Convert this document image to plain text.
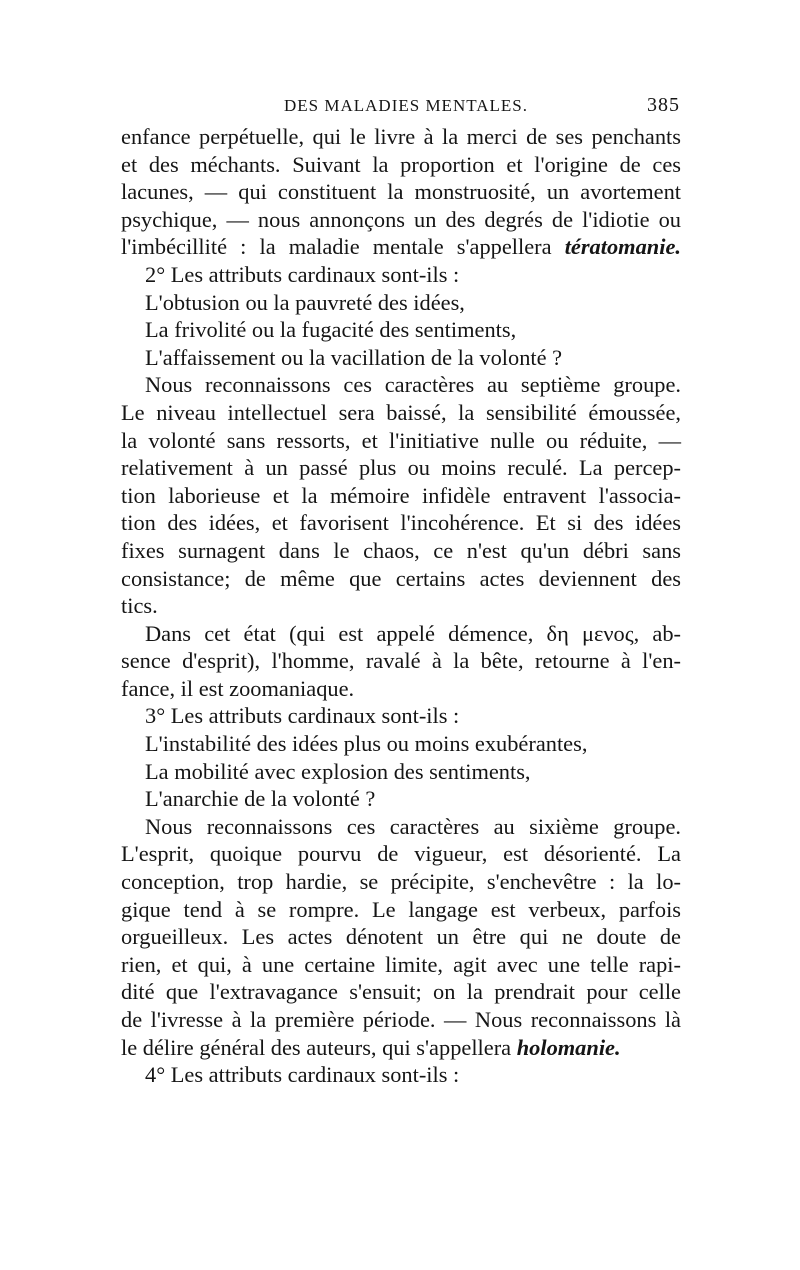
DES MALADIES MENTALES.	385
enfance perpétuelle, qui le livre à la merci de ses penchants
et des méchants. Suivant la proportion et l'origine de ces
lacunes, — qui constituent la monstruosité, un avortement
psychique, — nous annonçons un des degrés de l'idiotie ou
l'imbécillité : la maladie mentale s'appellera tératomanie.
2° Les attributs cardinaux sont-ils :
L'obtusion ou la pauvreté des idées,
La frivolité ou la fugacité des sentiments,
L'affaissement ou la vacillation de la volonté ?
Nous reconnaissons ces caractères au septième groupe.
Le niveau intellectuel sera baissé, la sensibilité émoussée,
la volonté sans ressorts, et l'initiative nulle ou réduite, —
relativement à un passé plus ou moins reculé. La percep-
tion laborieuse et la mémoire infidèle entravent l'associa-
tion des idées, et favorisent l'incohérence. Et si des idées
fixes surnagent dans le chaos, ce n'est qu'un débri sans
consistance; de même que certains actes deviennent des
tics.
Dans cet état (qui est appelé démence, δη μενος, ab-
sence d'esprit), l'homme, ravalé à la bête, retourne à l'en-
fance, il est zoomaniaque.
3° Les attributs cardinaux sont-ils :
L'instabilité des idées plus ou moins exubérantes,
La mobilité avec explosion des sentiments,
L'anarchie de la volonté ?
Nous reconnaissons ces caractères au sixième groupe.
L'esprit, quoique pourvu de vigueur, est désorienté. La
conception, trop hardie, se précipite, s'enchevêtre : la lo-
gique tend à se rompre. Le langage est verbeux, parfois
orgueilleux. Les actes dénotent un être qui ne doute de
rien, et qui, à une certaine limite, agit avec une telle rapi-
dité que l'extravagance s'ensuit; on la prendrait pour celle
de l'ivresse à la première période. — Nous reconnaissons là
le délire général des auteurs, qui s'appellera holomanie.
4° Les attributs cardinaux sont-ils :
